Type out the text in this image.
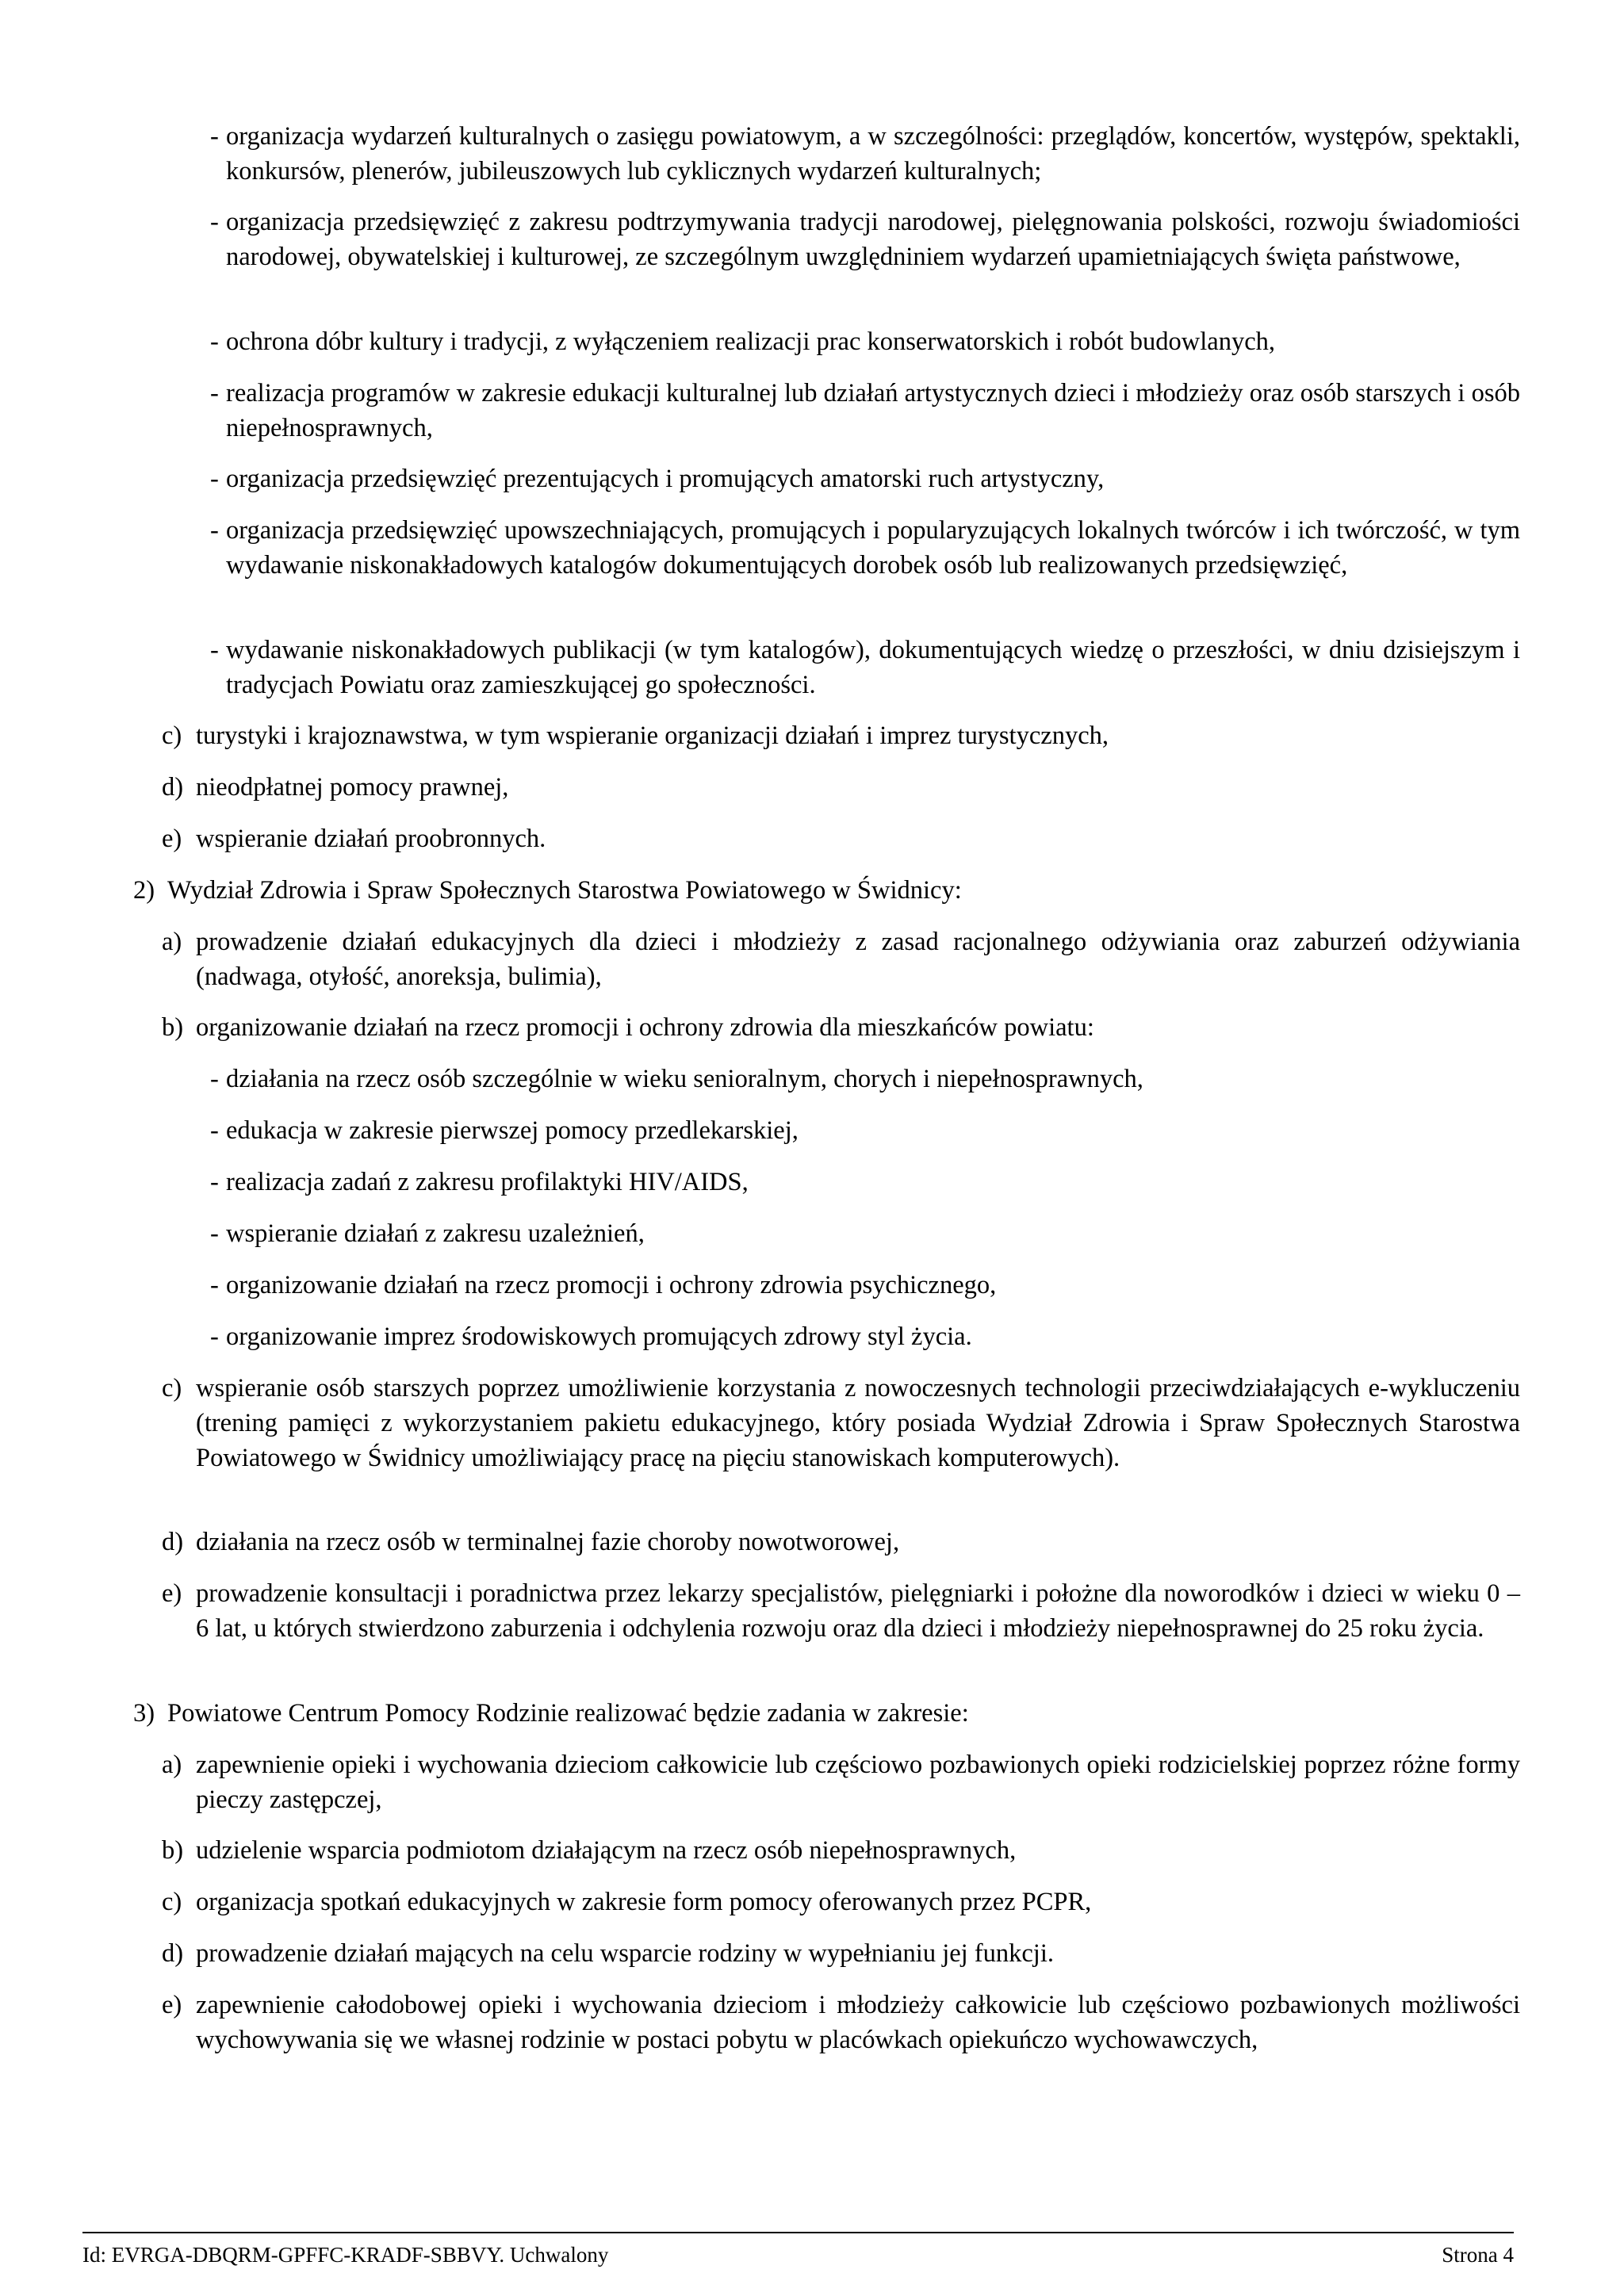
- organizacja wydarzeń kulturalnych o zasięgu powiatowym, a w szczególności: przeglądów, koncertów, występów, spektakli, konkursów, plenerów, jubileuszowych lub cyklicznych wydarzeń kulturalnych;
- organizacja przedsięwzięć z zakresu podtrzymywania tradycji narodowej, pielęgnowania polskości, rozwoju świadomiości narodowej, obywatelskiej i kulturowej, ze szczególnym uwzględniniem wydarzeń upamietniających święta państwowe,
- ochrona dóbr kultury i tradycji, z wyłączeniem realizacji prac konserwatorskich i robót budowlanych,
- realizacja programów w zakresie edukacji kulturalnej lub działań artystycznych dzieci i młodzieży oraz osób starszych i osób niepełnosprawnych,
- organizacja przedsięwzięć prezentujących i promujących amatorski ruch artystyczny,
- organizacja przedsięwzięć upowszechniających, promujących i popularyzujących lokalnych twórców i ich twórczość, w tym wydawanie niskonakładowych katalogów dokumentujących dorobek osób lub realizowanych przedsięwzięć,
- wydawanie niskonakładowych publikacji (w tym katalogów), dokumentujących wiedzę o przeszłości, w dniu dzisiejszym i tradycjach Powiatu oraz zamieszkującej go społeczności.
c) turystyki i krajoznawstwa, w tym wspieranie organizacji działań i imprez turystycznych,
d) nieodpłatnej pomocy prawnej,
e) wspieranie działań proobronnych.
2) Wydział Zdrowia i Spraw Społecznych Starostwa Powiatowego w Świdnicy:
a) prowadzenie działań edukacyjnych dla dzieci i młodzieży z zasad racjonalnego odżywiania oraz zaburzeń odżywiania (nadwaga, otyłość, anoreksja, bulimia),
b) organizowanie działań na rzecz promocji i ochrony zdrowia dla mieszkańców powiatu:
- działania na rzecz osób szczególnie w wieku senioralnym, chorych i niepełnosprawnych,
- edukacja w zakresie pierwszej pomocy przedlekarskiej,
- realizacja zadań z zakresu profilaktyki HIV/AIDS,
- wspieranie działań z zakresu uzależnień,
- organizowanie działań na rzecz promocji i ochrony zdrowia psychicznego,
- organizowanie imprez środowiskowych promujących zdrowy styl życia.
c) wspieranie osób starszych poprzez umożliwienie korzystania z nowoczesnych technologii przeciwdziałających e-wykluczeniu (trening pamięci z wykorzystaniem pakietu edukacyjnego, który posiada Wydział Zdrowia i Spraw Społecznych Starostwa Powiatowego w Świdnicy umożliwiający pracę na pięciu stanowiskach komputerowych).
d) działania na rzecz osób w terminalnej fazie choroby nowotworowej,
e) prowadzenie konsultacji i poradnictwa przez lekarzy specjalistów, pielęgniarki i położne dla noworodków i dzieci w wieku 0 – 6 lat, u których stwierdzono zaburzenia i odchylenia rozwoju oraz dla dzieci i młodzieży niepełnosprawnej do 25 roku życia.
3) Powiatowe Centrum Pomocy Rodzinie realizować będzie zadania w zakresie:
a) zapewnienie opieki i wychowania dzieciom całkowicie lub częściowo pozbawionych opieki rodzicielskiej poprzez różne formy pieczy zastępczej,
b) udzielenie wsparcia podmiotom działającym na rzecz osób niepełnosprawnych,
c) organizacja spotkań edukacyjnych w zakresie form pomocy oferowanych przez PCPR,
d) prowadzenie działań mających na celu wsparcie rodziny w wypełnianiu jej funkcji.
e) zapewnienie całodobowej opieki i wychowania dzieciom i młodzieży całkowicie lub częściowo pozbawionych możliwości wychowywania się we własnej rodzinie w postaci pobytu w placówkach opiekuńczo wychowawczych,
Id: EVRGA-DBQRM-GPFFC-KRADF-SBBVY. Uchwalony	Strona 4
